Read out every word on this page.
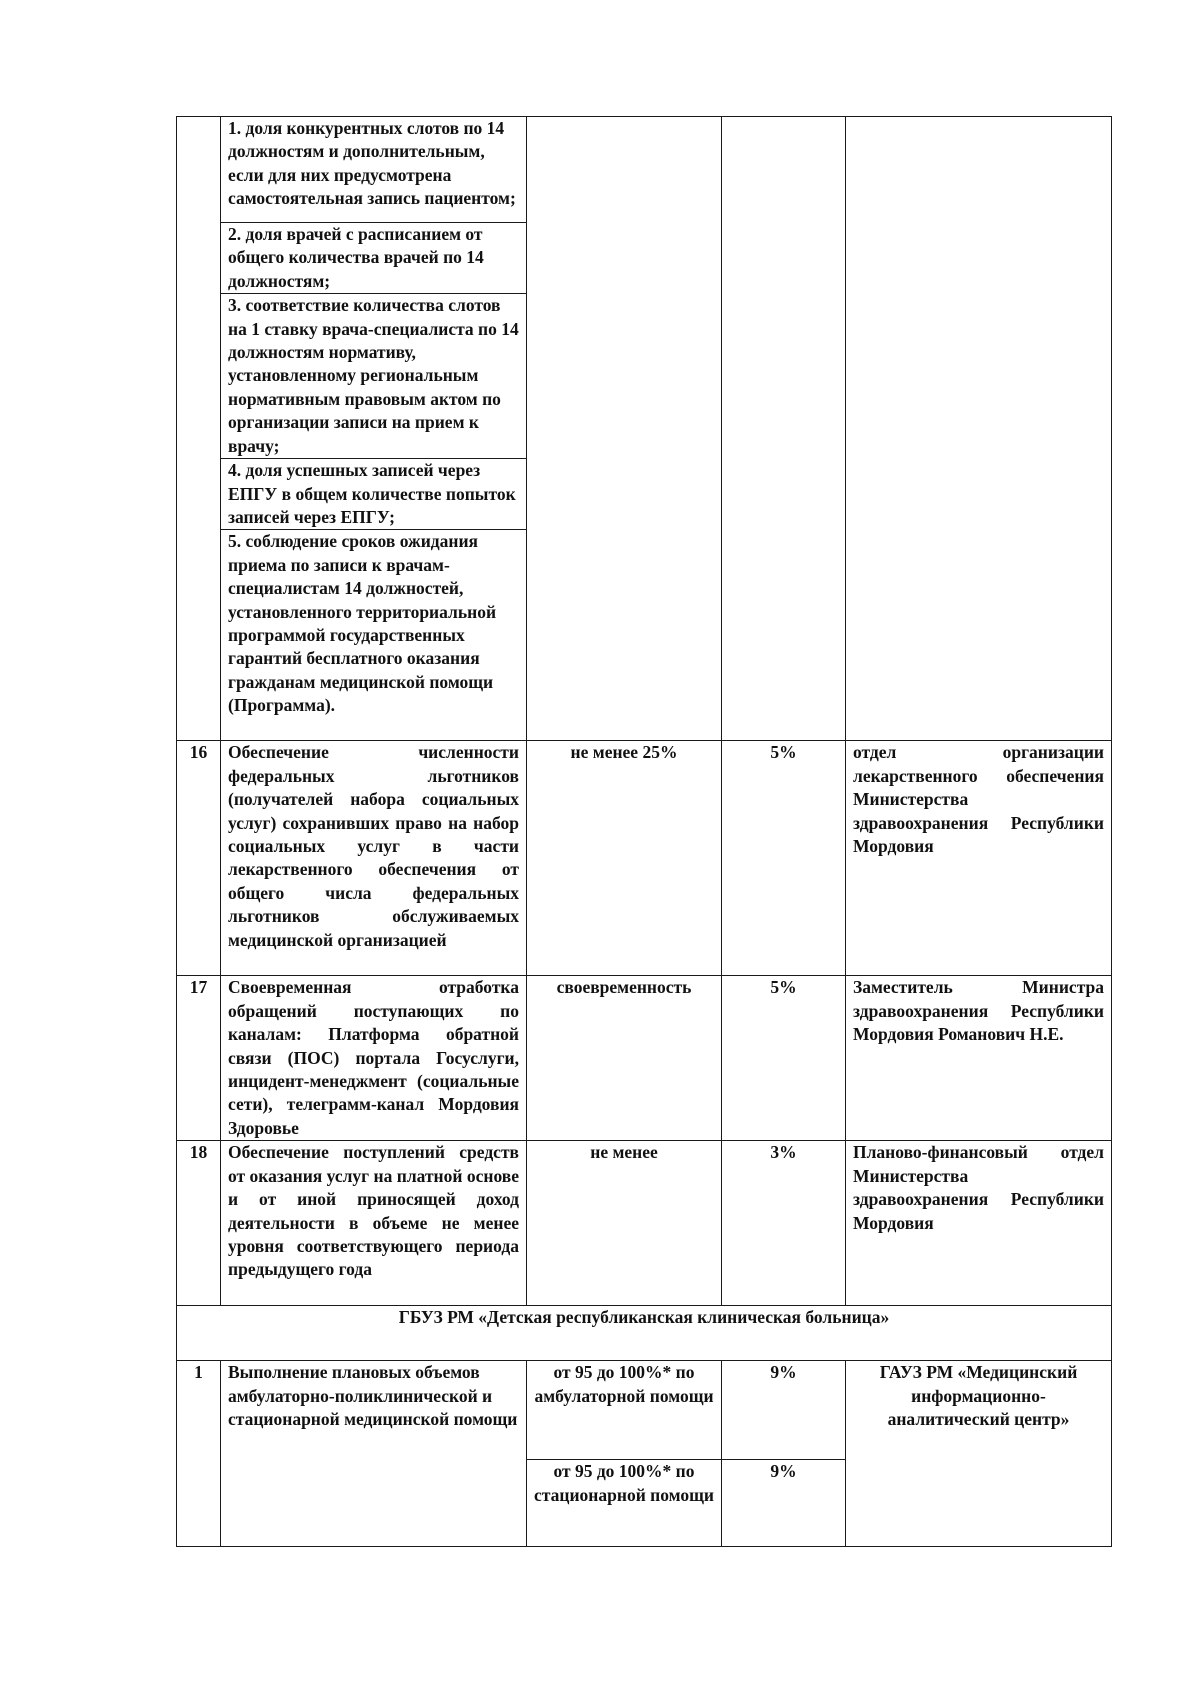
	1. доля конкурентных слотов по 14 должностям и дополнительным, если для них предусмотрена самостоятельная запись пациентом;			
	2. доля врачей с расписанием от общего количества врачей по 14 должностям;			
	3. соответствие количества слотов на 1 ставку врача-специалиста по 14 должностям нормативу, установленному региональным нормативным правовым актом по организации записи на прием к врачу;			
	4. доля успешных записей через ЕПГУ в общем количестве попыток записей через ЕПГУ;			
	5. соблюдение сроков ожидания приема по записи к врачам-специалистам 14 должностей, установленного территориальной программой государственных гарантий бесплатного оказания гражданам медицинской помощи (Программа).			
16	Обеспечение численности федеральных льготников (получателей набора социальных услуг) сохранивших право на набор социальных услуг в части лекарственного обеспечения от общего числа федеральных льготников обслуживаемых медицинской организацией	не менее 25%	5%	отдел организации лекарственного обеспечения Министерства здравоохранения Республики Мордовия
17	Своевременная отработка обращений поступающих по каналам: Платформа обратной связи (ПОС) портала Госуслуги, инцидент-менеджмент (социальные сети), телеграмм-канал Мордовия Здоровье	своевременность	5%	Заместитель Министра здравоохранения Республики Мордовия Романович Н.Е.
18	Обеспечение поступлений средств от оказания услуг на платной основе и от иной приносящей доход деятельности в объеме не менее уровня соответствующего периода предыдущего года	не менее	3%	Планово-финансовый отдел Министерства здравоохранения Республики Мордовия
ГБУЗ РМ «Детская республиканская клиническая больница»				
1	Выполнение плановых объемов амбулаторно-поликлинической и стационарной медицинской помощи	от 95 до 100%* по амбулаторной помощи	9%	ГАУЗ РМ «Медицинский информационно-аналитический центр»
		от 95 до 100%* по стационарной помощи	9%	
